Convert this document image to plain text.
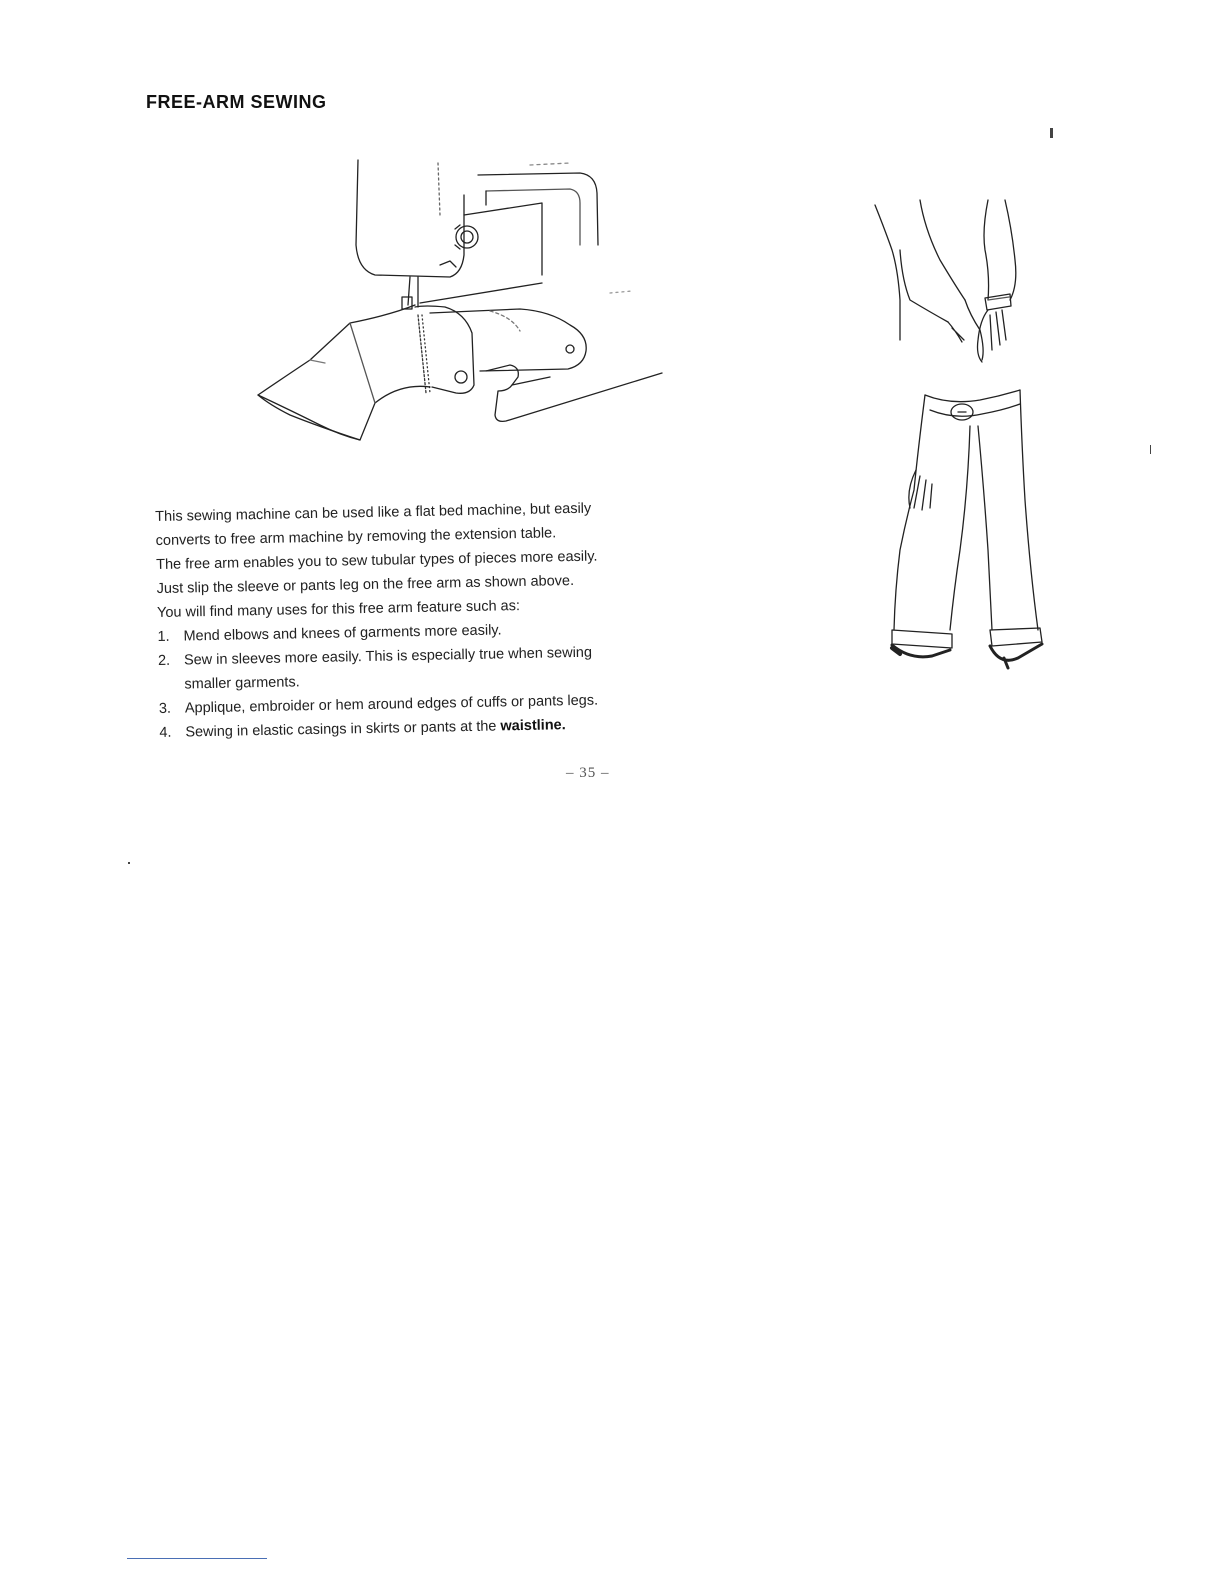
FREE-ARM SEWING

This sewing machine can be used like a flat bed machine, but easily

converts to free arm machine by removing the extension table.

The free arm enables you to sew tubular types of pieces more easily.

Just slip the sleeve or pants leg on the free arm as shown above.

You will find many uses for this free arm feature such as:

1. Mend elbows and knees of garments more easily.
2. Sew in sleeves more easily. This is especially true when sewing
smaller garments.
3. Applique, embroider or hem around edges of cuffs or pants legs.
4. Sewing in elastic casings in skirts or pants at the waistline.
– 35 –
